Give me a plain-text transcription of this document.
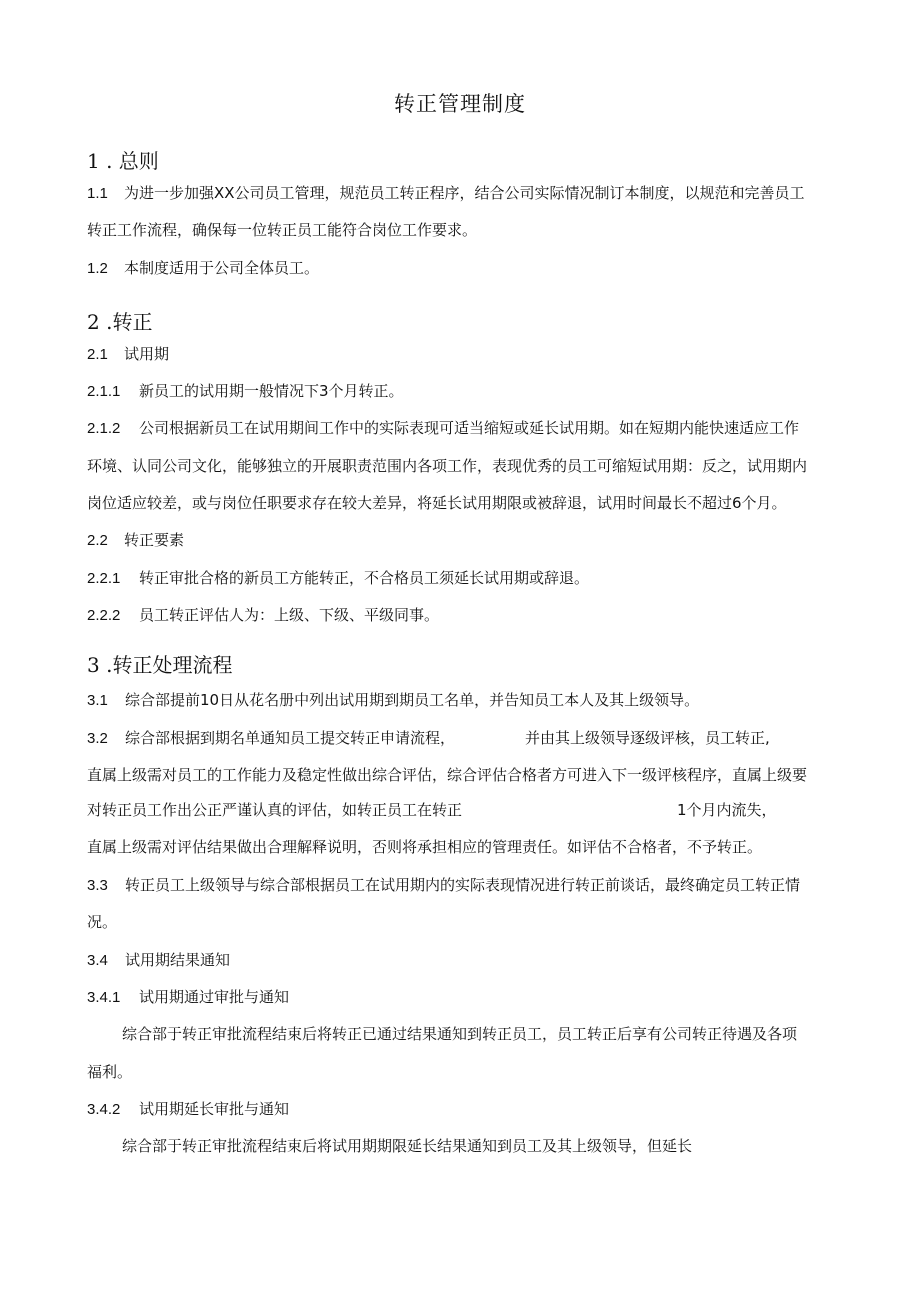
转正管理制度
1 . 总则
1.1 为进一步加强XX公司员工管理，规范员工转正程序，结合公司实际情况制订本制度，以规范和完善员工
转正工作流程，确保每一位转正员工能符合岗位工作要求。
1.2 本制度适用于公司全体员工。
2 .转正
2.1 试用期
2.1.1 新员工的试用期一般情况下3个月转正。
2.1.2 公司根据新员工在试用期间工作中的实际表现可适当缩短或延长试用期。如在短期内能快速适应工作
环境、认同公司文化，能够独立的开展职责范围内各项工作，表现优秀的员工可缩短试用期：反之，试用期内
岗位适应较差，或与岗位任职要求存在较大差异，将延长试用期限或被辞退，试用时间最长不超过6个月。
2.2 转正要素
2.2.1 转正审批合格的新员工方能转正，不合格员工须延长试用期或辞退。
2.2.2 员工转正评估人为：上级、下级、平级同事。
3 .转正处理流程
3.1 综合部提前10日从花名册中列出试用期到期员工名单，并告知员工本人及其上级领导。
3.2 综合部根据到期名单通知员工提交转正申请流程，	并由其上级领导逐级评核，员工转正,
直属上级需对员工的工作能力及稳定性做出综合评估，综合评估合格者方可进入下一级评核程序，直属上级要
对转正员工作出公正严谨认真的评估，如转正员工在转正	1个月内流失，
直属上级需对评估结果做出合理解释说明，否则将承担相应的管理责任。如评估不合格者，不予转正。
3.3 转正员工上级领导与综合部根据员工在试用期内的实际表现情况进行转正前谈话，最终确定员工转正情
况。
3.4 试用期结果通知
3.4.1 试用期通过审批与通知
综合部于转正审批流程结束后将转正已通过结果通知到转正员工，员工转正后享有公司转正待遇及各项
福利。
3.4.2 试用期延长审批与通知
综合部于转正审批流程结束后将试用期期限延长结果通知到员工及其上级领导，但延长
